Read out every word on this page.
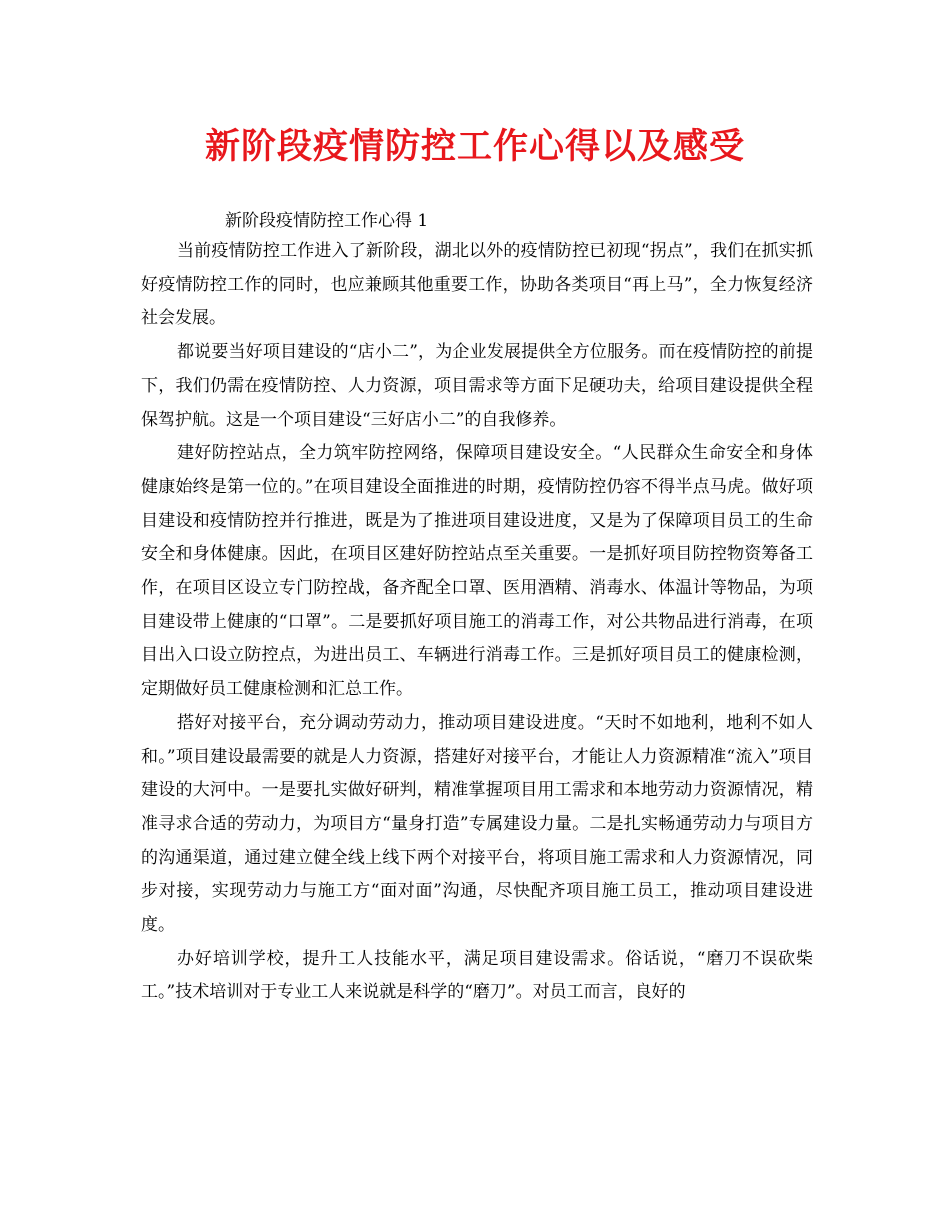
新阶段疫情防控工作心得以及感受
新阶段疫情防控工作心得 1

当前疫情防控工作进入了新阶段，湖北以外的疫情防控已初现“拐点”，我们在抓实抓好疫情防控工作的同时，也应兼顾其他重要工作，协助各类项目“再上马”，全力恢复经济社会发展。

都说要当好项目建设的“店小二”，为企业发展提供全方位服务。而在疫情防控的前提下，我们仍需在疫情防控、人力资源，项目需求等方面下足硬功夫，给项目建设提供全程保驾护航。这是一个项目建设“三好店小二”的自我修养。

建好防控站点，全力筑牢防控网络，保障项目建设安全。“人民群众生命安全和身体健康始终是第一位的。”在项目建设全面推进的时期，疫情防控仍容不得半点马虎。做好项目建设和疫情防控并行推进，既是为了推进项目建设进度，又是为了保障项目员工的生命安全和身体健康。因此，在项目区建好防控站点至关重要。一是抓好项目防控物资筹备工作，在项目区设立专门防控战，备齐配全口罩、医用酒精、消毒水、体温计等物品，为项目建设带上健康的“口罩”。二是要抓好项目施工的消毒工作，对公共物品进行消毒，在项目出入口设立防控点，为进出员工、车辆进行消毒工作。三是抓好项目员工的健康检测，定期做好员工健康检测和汇总工作。

搭好对接平台，充分调动劳动力，推动项目建设进度。“天时不如地利，地利不如人和。”项目建设最需要的就是人力资源，搭建好对接平台，才能让人力资源精准“流入”项目建设的大河中。一是要扎实做好研判，精准掌握项目用工需求和本地劳动力资源情况，精准寻求合适的劳动力，为项目方“量身打造”专属建设力量。二是扎实畅通劳动力与项目方的沟通渠道，通过建立健全线上线下两个对接平台，将项目施工需求和人力资源情况，同步对接，实现劳动力与施工方“面对面”沟通，尽快配齐项目施工员工，推动项目建设进度。

办好培训学校，提升工人技能水平，满足项目建设需求。俗话说，“磨刀不误砍柴工。”技术培训对于专业工人来说就是科学的“磨刀”。对员工而言，良好的
